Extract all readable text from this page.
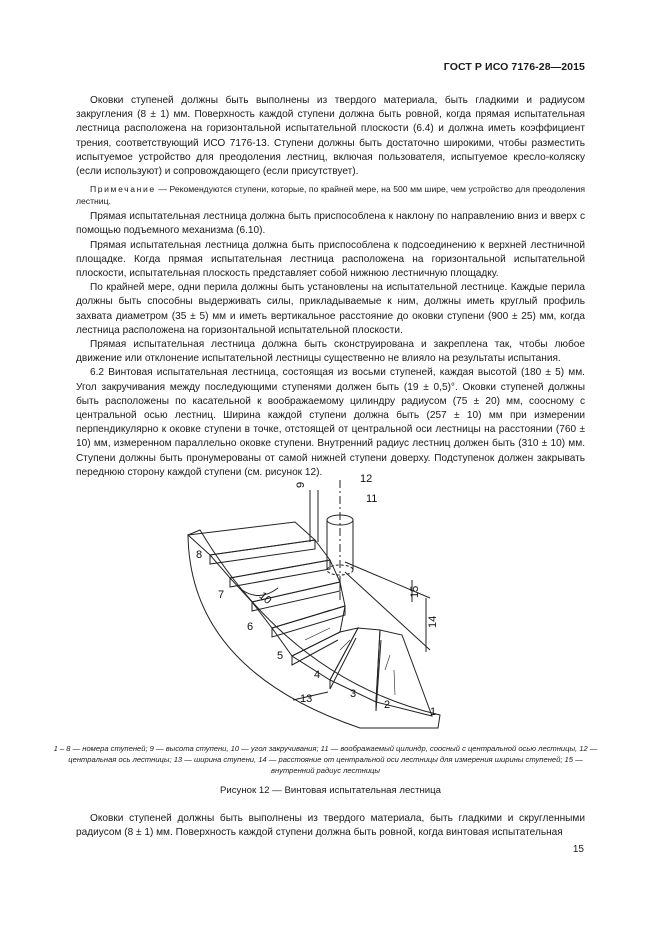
ГОСТ Р ИСО 7176-28—2015

Оковки ступеней должны быть выполнены из твердого материала, быть гладкими и радиусом закругления (8 ± 1) мм. Поверхность каждой ступени должна быть ровной, когда прямая испытательная лестница расположена на горизонтальной испытательной плоскости (6.4) и должна иметь коэффициент трения, соответствующий ИСО 7176-13. Ступени должны быть достаточно широкими, чтобы разместить испытуемое устройство для преодоления лестниц, включая пользователя, испытуемое кресло-коляску (если используют) и сопровождающего (если присутствует).

Примечание — Рекомендуются ступени, которые, по крайней мере, на 500 мм шире, чем устройство для преодоления лестниц.

Прямая испытательная лестница должна быть приспособлена к наклону по направлению вниз и вверх с помощью подъемного механизма (6.10).

Прямая испытательная лестница должна быть приспособлена к подсоединению к верхней лестничной площадке. Когда прямая испытательная лестница расположена на горизонтальной испытательной плоскости, испытательная плоскость представляет собой нижнюю лестничную площадку.

По крайней мере, одни перила должны быть установлены на испытательной лестнице. Каждые перила должны быть способны выдерживать силы, прикладываемые к ним, должны иметь круглый профиль захвата диаметром (35 ± 5) мм и иметь вертикальное расстояние до оковки ступени (900 ± 25) мм, когда лестница расположена на горизонтальной испытательной плоскости.

Прямая испытательная лестница должна быть сконструирована и закреплена так, чтобы любое движение или отклонение испытательной лестницы существенно не влияло на результаты испытания.

6.2 Винтовая испытательная лестница, состоящая из восьми ступеней, каждая высотой (180 ± 5) мм. Угол закручивания между последующими ступенями должен быть (19 ± 0,5)°. Оковки ступеней должны быть расположены по касательной к воображаемому цилиндру радиусом (75 ± 20) мм, соосному с центральной осью лестниц. Ширина каждой ступени должна быть (257 ± 10) мм при измерении перпендикулярно к оковке ступени в точке, отстоящей от центральной оси лестницы на расстоянии (760 ± 10) мм, измеренном параллельно оковке ступени. Внутренний радиус лестниц должен быть (310 ± 10) мм. Ступени должны быть пронумерованы от самой нижней ступени доверху. Подступенок должен закрывать переднюю сторону каждой ступени (см. рисунок 12).

1
2
3
4
5
6
7
8
9
10
11
12
13
14
15
1 – 8 — номера ступеней; 9 — высота ступени, 10 — угол закручивания; 11 — воображаемый цилиндр, соосный с центральной осью лестницы, 12 — центральная ось лестницы; 13 — ширина ступени, 14 — расстояние от центральной оси лестницы для измерения ширины ступеней; 15 — внутренний радиус лестницы
Рисунок 12 — Винтовая испытательная лестница

Оковки ступеней должны быть выполнены из твердого материала, быть гладкими и скругленными радиусом (8 ± 1) мм. Поверхность каждой ступени должна быть ровной, когда винтовая испытательная

15
